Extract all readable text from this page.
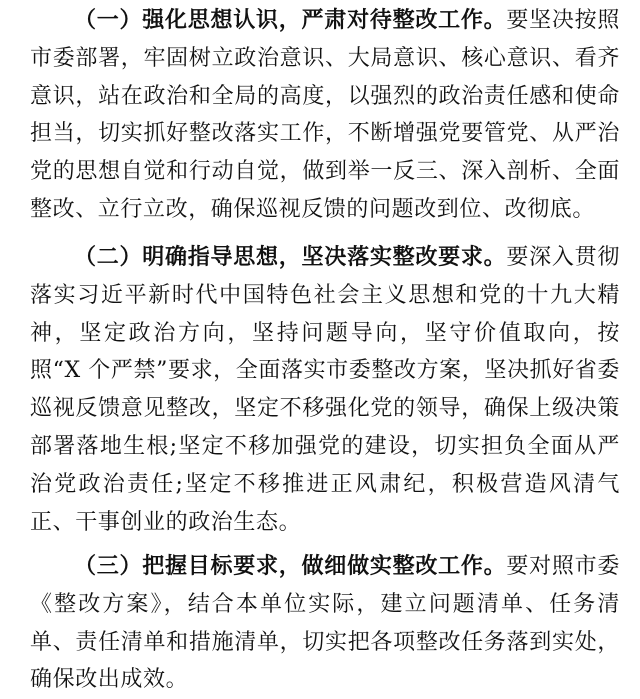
（一）强化思想认识，严肃对待整改工作。要坚决按照市委部署，牢固树立政治意识、大局意识、核心意识、看齐意识，站在政治和全局的高度，以强烈的政治责任感和使命担当，切实抓好整改落实工作，不断增强党要管党、从严治党的思想自觉和行动自觉，做到举一反三、深入剖析、全面整改、立行立改，确保巡视反馈的问题改到位、改彻底。

（二）明确指导思想，坚决落实整改要求。要深入贯彻落实习近平新时代中国特色社会主义思想和党的十九大精神，坚定政治方向，坚持问题导向，坚守价值取向，按照“X 个严禁”要求，全面落实市委整改方案，坚决抓好省委巡视反馈意见整改，坚定不移强化党的领导，确保上级决策部署落地生根;坚定不移加强党的建设，切实担负全面从严治党政治责任;坚定不移推进正风肃纪，积极营造风清气正、干事创业的政治生态。

（三）把握目标要求，做细做实整改工作。要对照市委《整改方案》，结合本单位实际，建立问题清单、任务清单、责任清单和措施清单，切实把各项整改任务落到实处，确保改出成效。
